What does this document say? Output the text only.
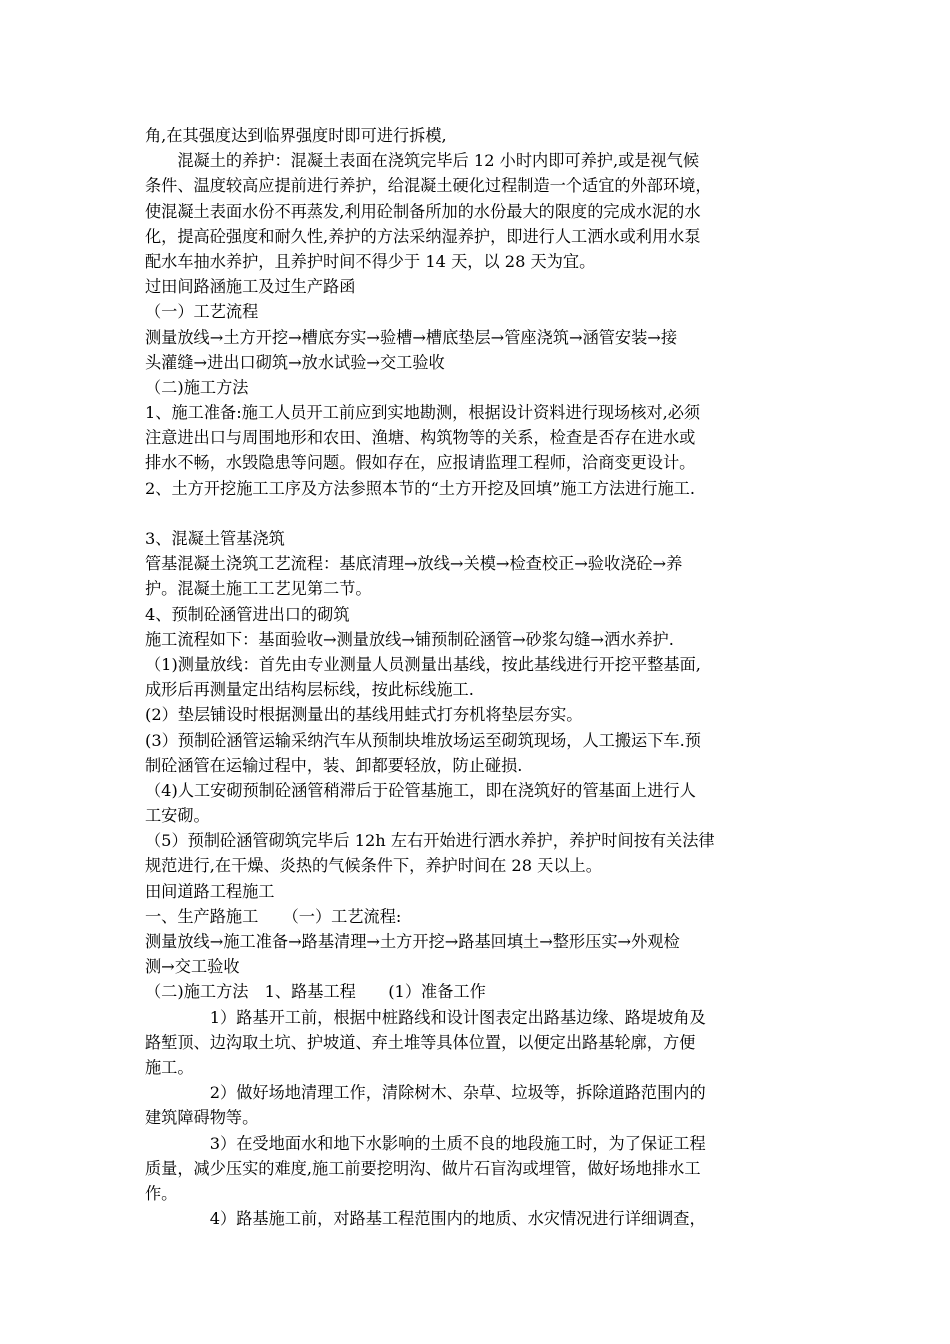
角,在其强度达到临界强度时即可进行拆模,
　　混凝土的养护：混凝土表面在浇筑完毕后 12 小时内即可养护,或是视气候
条件、温度较高应提前进行养护，给混凝土硬化过程制造一个适宜的外部环境，
使混凝土表面水份不再蒸发,利用砼制备所加的水份最大的限度的完成水泥的水
化，提高砼强度和耐久性,养护的方法采纳湿养护，即进行人工洒水或利用水泵
配水车抽水养护，且养护时间不得少于 14 天，以 28 天为宜。
过田间路涵施工及过生产路函
（一）工艺流程
测量放线→土方开挖→槽底夯实→验槽→槽底垫层→管座浇筑→涵管安装→接
头灌缝→进出口砌筑→放水试验→交工验收
（二)施工方法
1、施工准备:施工人员开工前应到实地勘测，根据设计资料进行现场核对,必须
注意进出口与周围地形和农田、渔塘、构筑物等的关系，检查是否存在进水或
排水不畅，水毁隐患等问题。假如存在，应报请监理工程师，洽商变更设计。
2、土方开挖施工工序及方法参照本节的“土方开挖及回填”施工方法进行施工.
3、混凝土管基浇筑
管基混凝土浇筑工艺流程：基底清理→放线→关模→检查校正→验收浇砼→养
护。混凝土施工工艺见第二节。
4、预制砼涵管进出口的砌筑
施工流程如下：基面验收→测量放线→铺预制砼涵管→砂浆勾缝→洒水养护.
（1)测量放线：首先由专业测量人员测量出基线，按此基线进行开挖平整基面,
成形后再测量定出结构层标线，按此标线施工.
(2）垫层铺设时根据测量出的基线用蛙式打夯机将垫层夯实。
(3）预制砼涵管运输采纳汽车从预制块堆放场运至砌筑现场，人工搬运下车.预
制砼涵管在运输过程中，装、卸都要轻放，防止碰损.
（4)人工安砌预制砼涵管稍滞后于砼管基施工，即在浇筑好的管基面上进行人
工安砌。
（5）预制砼涵管砌筑完毕后 12h 左右开始进行洒水养护，养护时间按有关法律
规范进行,在干燥、炎热的气候条件下，养护时间在 28 天以上。
田间道路工程施工
一、生产路施工　　（一）工艺流程:
测量放线→施工准备→路基清理→土方开挖→路基回填土→整形压实→外观检
测→交工验收
（二)施工方法　1、路基工程　　(1）准备工作
　　　　1）路基开工前，根据中桩路线和设计图表定出路基边缘、路堤坡角及
路堑顶、边沟取土坑、护坡道、弃土堆等具体位置，以便定出路基轮廓，方便
施工。
　　　　2）做好场地清理工作，清除树木、杂草、垃圾等，拆除道路范围内的
建筑障碍物等。
　　　　3）在受地面水和地下水影响的土质不良的地段施工时，为了保证工程
质量，减少压实的难度,施工前要挖明沟、做片石盲沟或埋管，做好场地排水工
作。
　　　　4）路基施工前，对路基工程范围内的地质、水灾情况进行详细调查，
